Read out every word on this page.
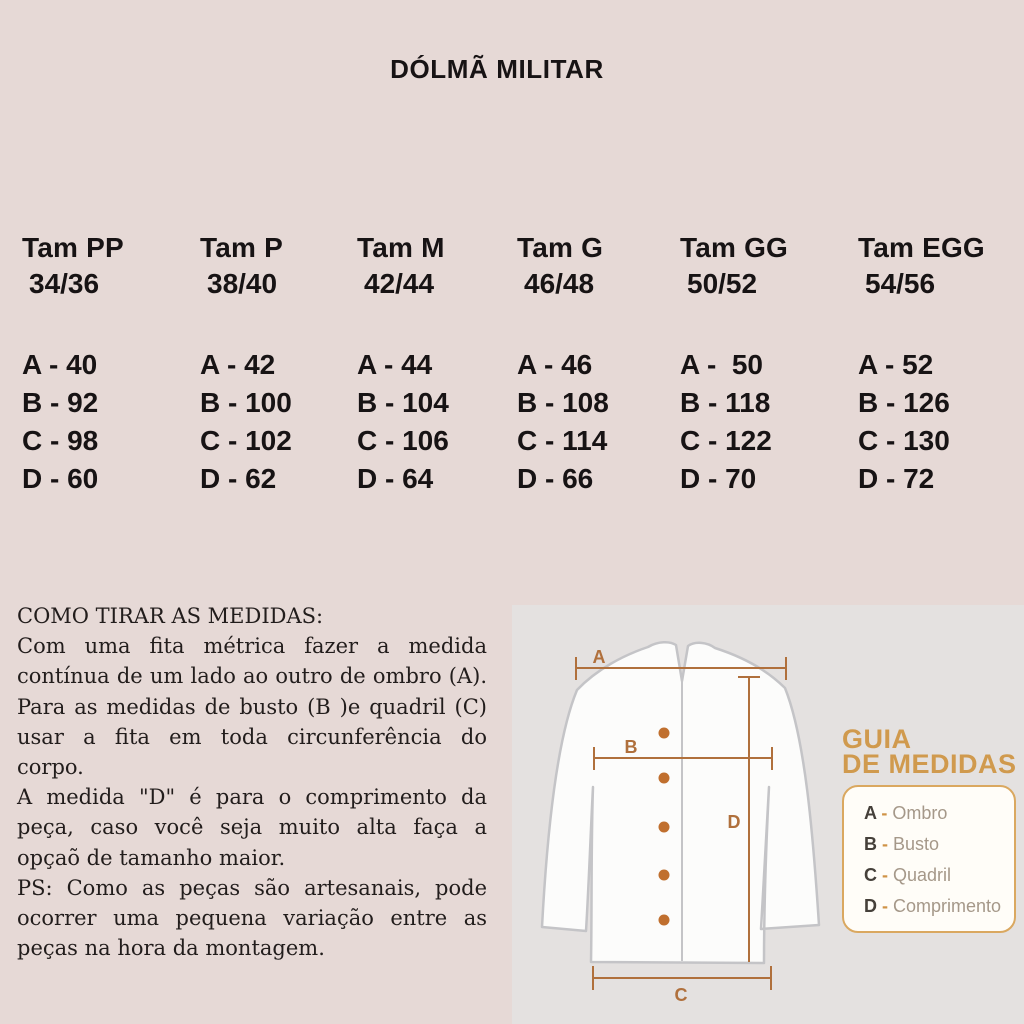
DÓLMÃ MILITAR
Tam PP
34/36
A - 40
B - 92
C - 98
D - 60
Tam P
38/40
A - 42
B - 100
C - 102
D - 62
Tam M
42/44
A - 44
B - 104
C - 106
D - 64
Tam G
46/48
A - 46
B - 108
C - 114
D - 66
Tam GG
50/52
A -  50
B - 118
C - 122
D - 70
Tam EGG
54/56
A - 52
B - 126
C - 130
D - 72
COMO TIRAR AS MEDIDAS:
Com uma fita métrica fazer a medida
contínua de um lado ao outro de ombro (A).
Para as medidas de busto (B )e quadril (C)
usar a fita em toda circunferência do
corpo.
A medida "D" é para o comprimento da
peça, caso você seja muito alta faça a
opçaõ de tamanho maior.
PS: Como as peças são artesanais, pode
ocorrer uma pequena variação entre as
peças na hora da montagem.
A
B
D
C
GUIA
DE MEDIDAS
A - Ombro
B - Busto
C - Quadril
D - Comprimento
